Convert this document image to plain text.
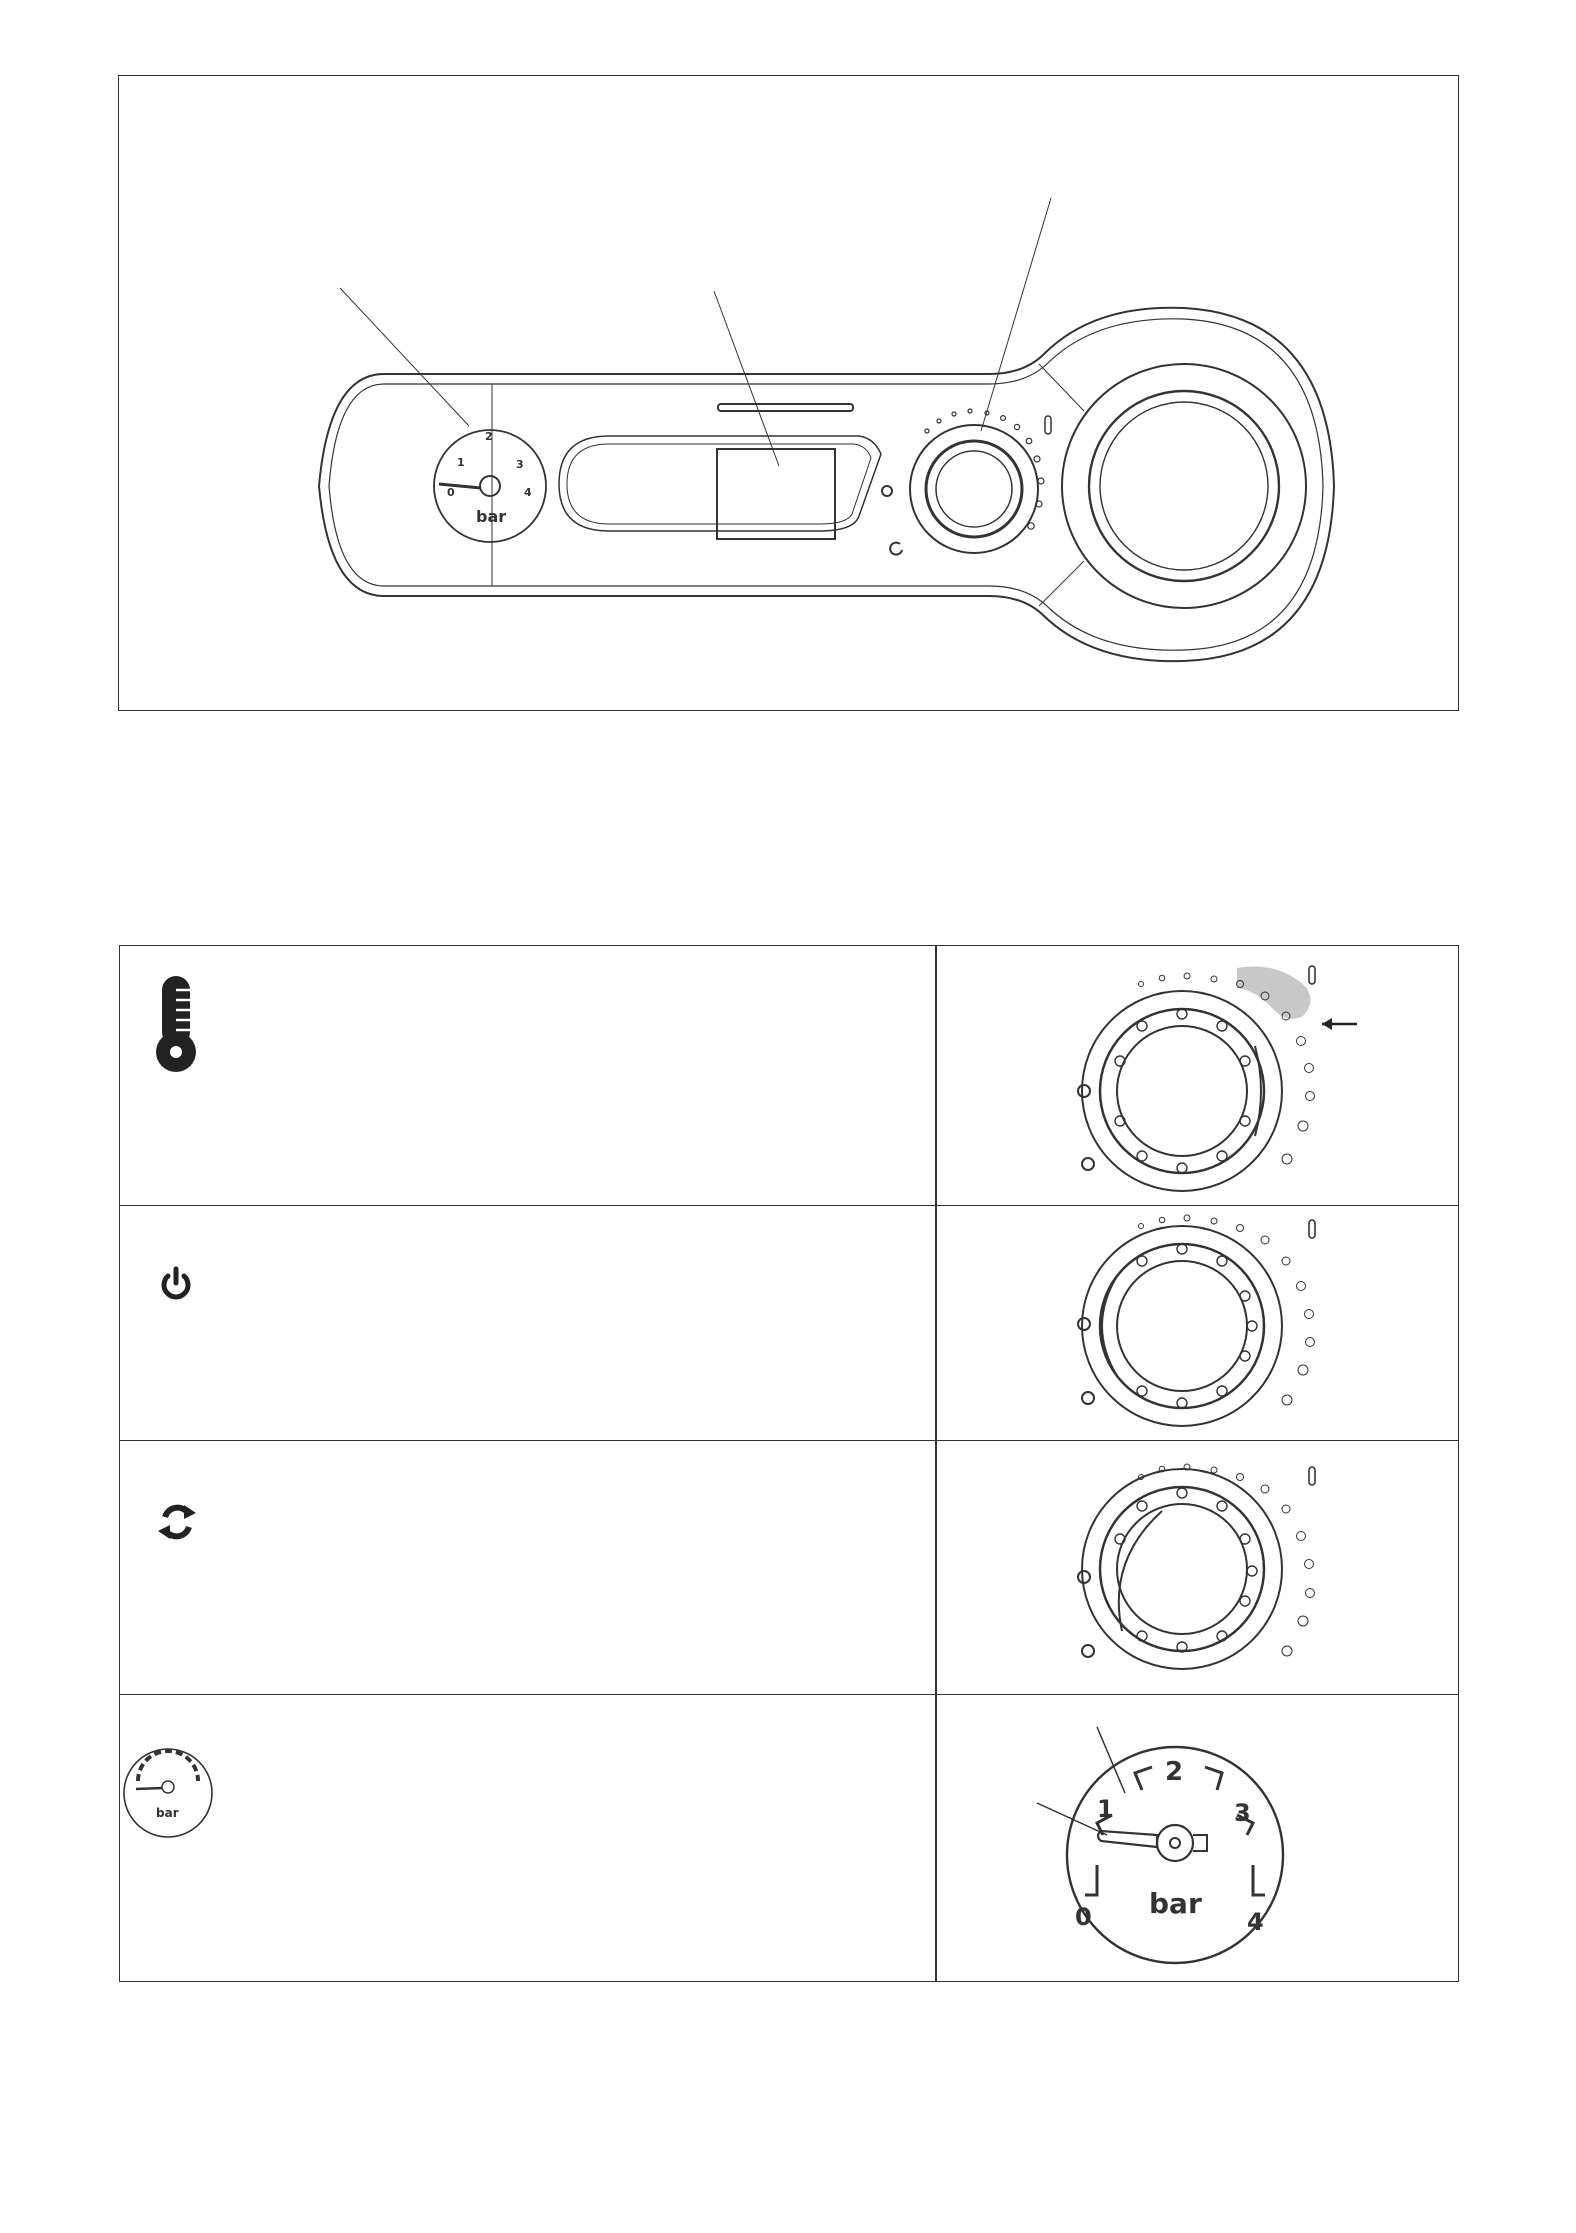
0
1
2
3
4
bar
bar
0
1
2
3
4
bar
